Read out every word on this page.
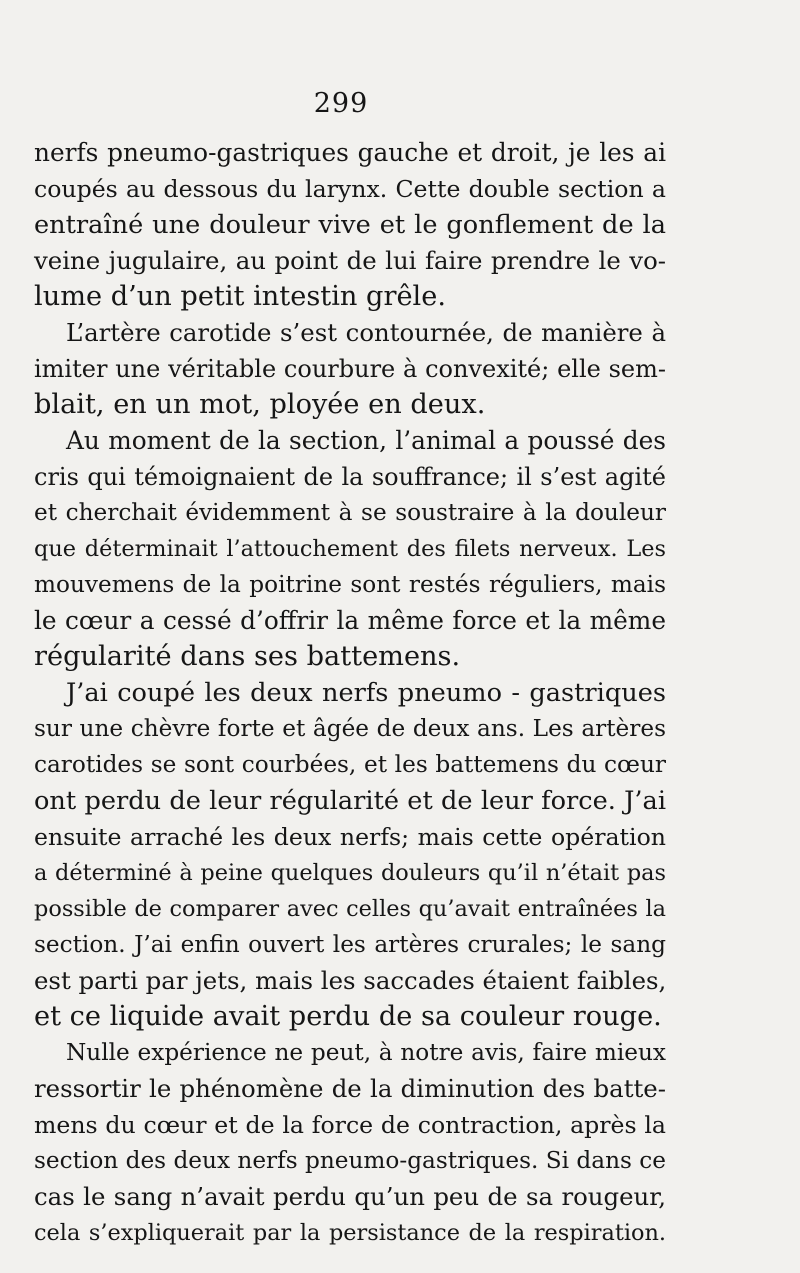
299
nerfs pneumo-gastriques gauche et droit, je les ai
coupés au dessous du larynx. Cette double section a
entraîné une douleur vive et le gonflement de la
veine jugulaire, au point de lui faire prendre le vo-
lume d’un petit intestin grêle.
L’artère carotide s’est contournée, de manière à
imiter une véritable courbure à convexité; elle sem-
blait, en un mot, ployée en deux.
Au moment de la section, l’animal a poussé des
cris qui témoignaient de la souffrance; il s’est agité
et cherchait évidemment à se soustraire à la douleur
que déterminait l’attouchement des filets nerveux. Les
mouvemens de la poitrine sont restés réguliers, mais
le cœur a cessé d’offrir la même force et la même
régularité dans ses battemens.
J’ai coupé les deux nerfs pneumo - gastriques
sur une chèvre forte et âgée de deux ans. Les artères
carotides se sont courbées, et les battemens du cœur
ont perdu de leur régularité et de leur force. J’ai
ensuite arraché les deux nerfs; mais cette opération
a déterminé à peine quelques douleurs qu’il n’était pas
possible de comparer avec celles qu’avait entraînées la
section. J’ai enfin ouvert les artères crurales; le sang
est parti par jets, mais les saccades étaient faibles,
et ce liquide avait perdu de sa couleur rouge.
Nulle expérience ne peut, à notre avis, faire mieux
ressortir le phénomène de la diminution des batte-
mens du cœur et de la force de contraction, après la
section des deux nerfs pneumo-gastriques. Si dans ce
cas le sang n’avait perdu qu’un peu de sa rougeur,
cela s’expliquerait par la persistance de la respiration.
